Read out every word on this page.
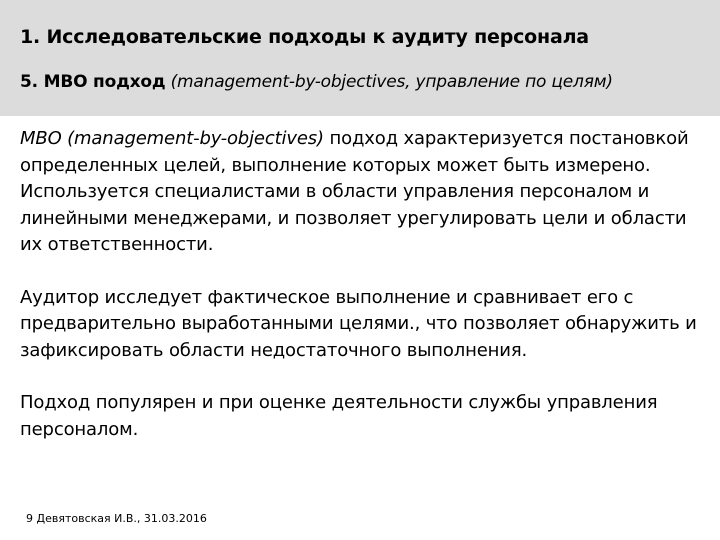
1. Исследовательские подходы к аудиту персонала
5. MBO подход (management-by-objectives, управление по целям)

MBO (management-by-objectives) подход характеризуется постановкой определенных целей, выполнение которых может быть измерено. Используется специалистами в области управления персоналом и линейными менеджерами, и позволяет урегулировать цели и области их ответственности.

Аудитор исследует фактическое выполнение и сравнивает его с предварительно выработанными целями., что позволяет обнаружить и зафиксировать области недостаточного выполнения.

Подход популярен и при оценке деятельности службы управления персоналом.

9 Девятовская И.В., 31.03.2016
